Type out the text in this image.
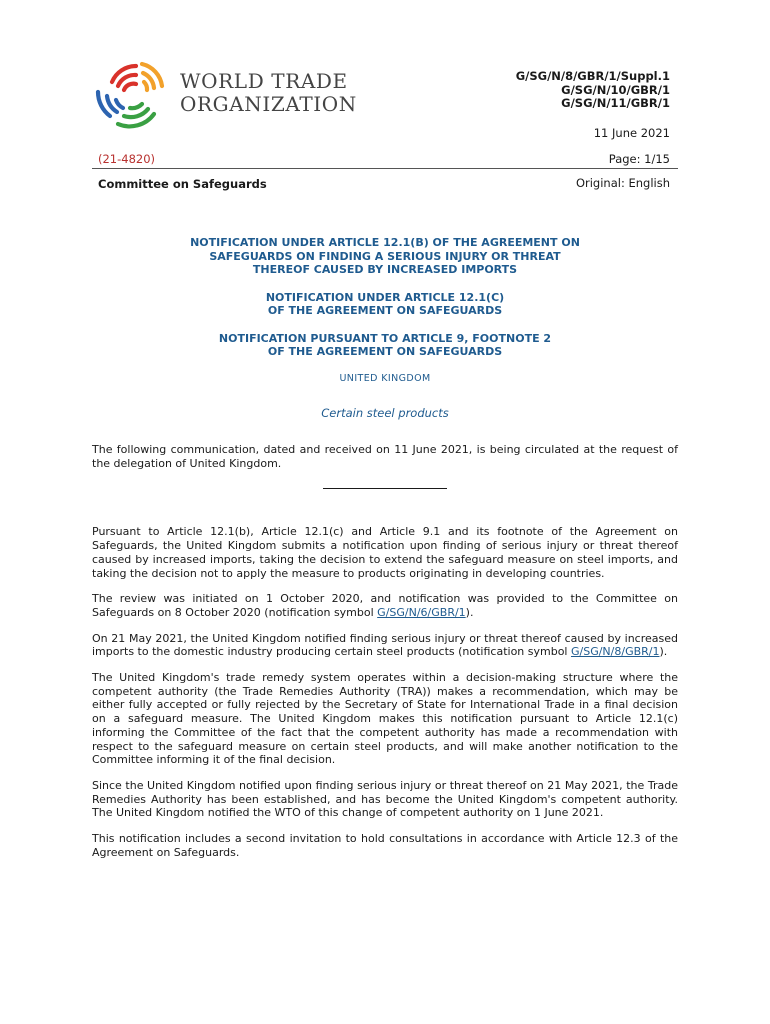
WORLD TRADE
ORGANIZATION
G/SG/N/8/GBR/1/Suppl.1
G/SG/N/10/GBR/1
G/SG/N/11/GBR/1
11 June 2021
(21-4820)	Page: 1/15
Committee on Safeguards	Original: English
NOTIFICATION UNDER ARTICLE 12.1(B) OF THE AGREEMENT ON
SAFEGUARDS ON FINDING A SERIOUS INJURY OR THREAT
THEREOF CAUSED BY INCREASED IMPORTS
NOTIFICATION UNDER ARTICLE 12.1(C)
OF THE AGREEMENT ON SAFEGUARDS
NOTIFICATION PURSUANT TO ARTICLE 9, FOOTNOTE 2
OF THE AGREEMENT ON SAFEGUARDS
UNITED KINGDOM
Certain steel products

The following communication, dated and received on 11 June 2021, is being circulated at the request of the delegation of United Kingdom.

Pursuant to Article 12.1(b), Article 12.1(c) and Article 9.1 and its footnote of the Agreement on Safeguards, the United Kingdom submits a notification upon finding of serious injury or threat thereof caused by increased imports, taking the decision to extend the safeguard measure on steel imports, and taking the decision not to apply the measure to products originating in developing countries.

The review was initiated on 1 October 2020, and notification was provided to the Committee on Safeguards on 8 October 2020 (notification symbol G/SG/N/6/GBR/1).

On 21 May 2021, the United Kingdom notified finding serious injury or threat thereof caused by increased imports to the domestic industry producing certain steel products (notification symbol G/SG/N/8/GBR/1).

The United Kingdom's trade remedy system operates within a decision-making structure where the competent authority (the Trade Remedies Authority (TRA)) makes a recommendation, which may be either fully accepted or fully rejected by the Secretary of State for International Trade in a final decision on a safeguard measure. The United Kingdom makes this notification pursuant to Article 12.1(c) informing the Committee of the fact that the competent authority has made a recommendation with respect to the safeguard measure on certain steel products, and will make another notification to the Committee informing it of the final decision.

Since the United Kingdom notified upon finding serious injury or threat thereof on 21 May 2021, the Trade Remedies Authority has been established, and has become the United Kingdom's competent authority. The United Kingdom notified the WTO of this change of competent authority on 1 June 2021.

This notification includes a second invitation to hold consultations in accordance with Article 12.3 of the Agreement on Safeguards.
